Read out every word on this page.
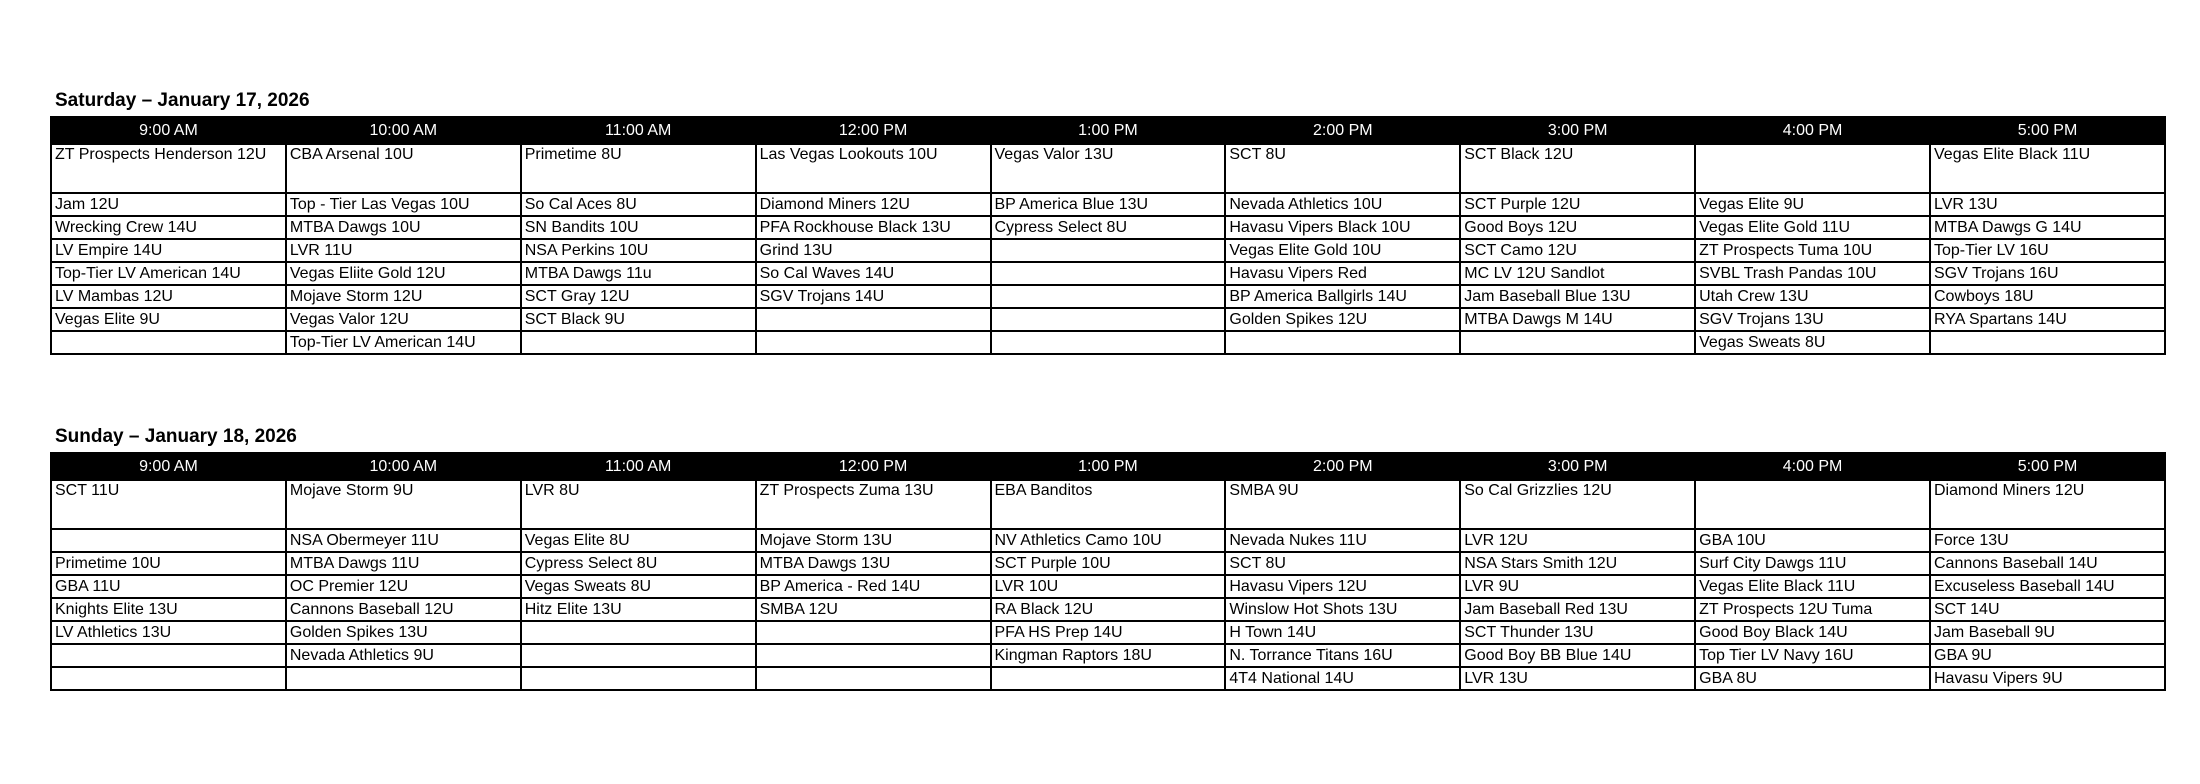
Saturday – January 17, 2026
9:00 AM	10:00 AM	11:00 AM	12:00 PM	1:00 PM	2:00 PM	3:00 PM	4:00 PM	5:00 PM
ZT Prospects Henderson 12U	CBA Arsenal 10U	Primetime 8U	Las Vegas Lookouts 10U	Vegas Valor 13U	SCT 8U	SCT Black 12U		Vegas Elite Black 11U
Jam 12U	Top - Tier Las Vegas 10U	So Cal Aces 8U	Diamond Miners 12U	BP America Blue 13U	Nevada Athletics 10U	SCT Purple 12U	Vegas Elite 9U	LVR 13U
Wrecking Crew 14U	MTBA Dawgs 10U	SN Bandits 10U	PFA Rockhouse Black 13U	Cypress Select 8U	Havasu Vipers Black 10U	Good Boys 12U	Vegas Elite Gold 11U	MTBA Dawgs G 14U
LV Empire 14U	LVR 11U	NSA Perkins 10U	Grind 13U		Vegas Elite Gold 10U	SCT Camo 12U	ZT Prospects Tuma 10U	Top-Tier LV 16U
Top-Tier LV American 14U	Vegas Eliite Gold 12U	MTBA Dawgs 11u	So Cal Waves 14U		Havasu Vipers Red	MC LV 12U Sandlot	SVBL Trash Pandas 10U	SGV Trojans 16U
LV Mambas 12U	Mojave Storm 12U	SCT Gray 12U	SGV Trojans 14U		BP America Ballgirls 14U	Jam Baseball Blue 13U	Utah Crew 13U	Cowboys 18U
Vegas Elite 9U	Vegas Valor 12U	SCT Black 9U			Golden Spikes 12U	MTBA Dawgs M 14U	SGV Trojans 13U	RYA Spartans 14U
	Top-Tier LV American 14U						Vegas Sweats 8U	
Sunday – January 18, 2026
9:00 AM	10:00 AM	11:00 AM	12:00 PM	1:00 PM	2:00 PM	3:00 PM	4:00 PM	5:00 PM
SCT 11U	Mojave Storm 9U	LVR 8U	ZT Prospects Zuma 13U	EBA Banditos	SMBA 9U	So Cal Grizzlies 12U		Diamond Miners 12U
	NSA Obermeyer 11U	Vegas Elite 8U	Mojave Storm 13U	NV Athletics Camo 10U	Nevada Nukes 11U	LVR 12U	GBA 10U	Force 13U
Primetime 10U	MTBA Dawgs 11U	Cypress Select 8U	MTBA Dawgs 13U	SCT Purple 10U	SCT 8U	NSA Stars Smith 12U	Surf City Dawgs 11U	Cannons Baseball 14U
GBA 11U	OC Premier 12U	Vegas Sweats 8U	BP America - Red 14U	LVR 10U	Havasu Vipers 12U	LVR 9U	Vegas Elite Black 11U	Excuseless Baseball 14U
Knights Elite 13U	Cannons Baseball 12U	Hitz Elite 13U	SMBA 12U	RA Black 12U	Winslow Hot Shots 13U	Jam Baseball Red 13U	ZT Prospects 12U Tuma	SCT 14U
LV Athletics 13U	Golden Spikes 13U			PFA HS Prep 14U	H Town 14U	SCT Thunder 13U	Good Boy Black 14U	Jam Baseball 9U
	Nevada Athletics 9U			Kingman Raptors 18U	N. Torrance Titans 16U	Good Boy BB Blue 14U	Top Tier LV Navy 16U	GBA 9U
					4T4 National 14U	LVR 13U	GBA 8U	Havasu Vipers 9U
